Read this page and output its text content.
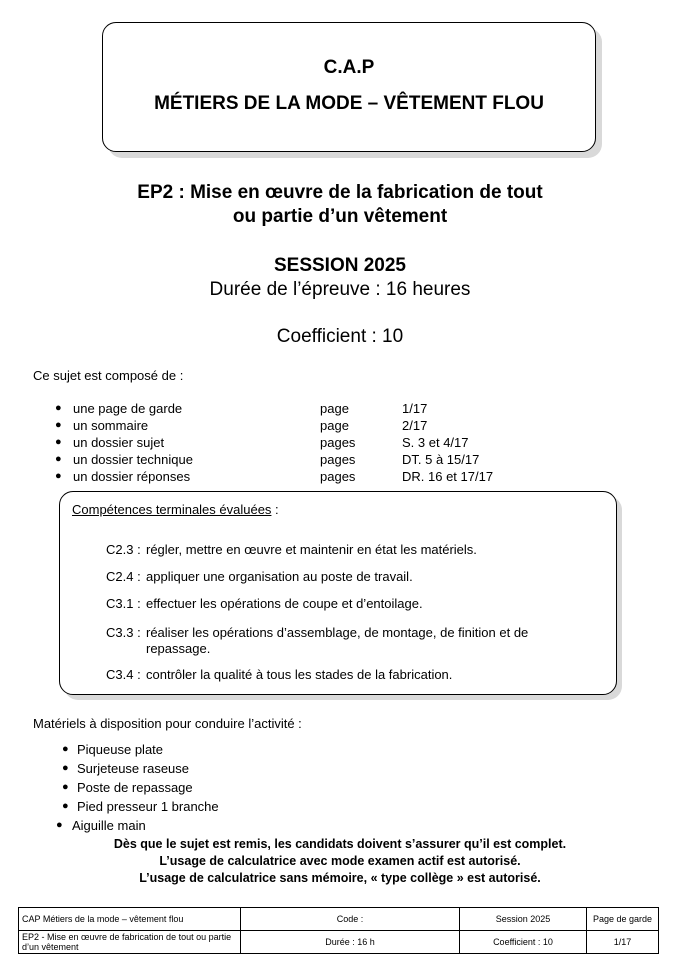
C.A.P
MÉTIERS DE LA MODE – VÊTEMENT FLOU
EP2 : Mise en œuvre de la fabrication de tout
ou partie d’un vêtement
SESSION 2025
Durée de l’épreuve : 16 heures
Coefficient : 10
Ce sujet est composé de :
● une page de garde	page	1/17
● un sommaire	page	2/17
● un dossier sujet	pages	S. 3 et 4/17
● un dossier technique	pages	DT. 5 à 15/17
● un dossier réponses	pages	DR. 16 et 17/17
Compétences terminales évaluées :
C2.3 : régler, mettre en œuvre et maintenir en état les matériels.
C2.4 : appliquer une organisation au poste de travail.
C3.1 : effectuer les opérations de coupe et d’entoilage.
C3.3 : réaliser les opérations d’assemblage, de montage, de finition et de repassage.
C3.4 : contrôler la qualité à tous les stades de la fabrication.
Matériels à disposition pour conduire l’activité :
● Piqueuse plate
● Surjeteuse raseuse
● Poste de repassage
● Pied presseur 1 branche
● Aiguille main
Dès que le sujet est remis, les candidats doivent s’assurer qu’il est complet.
L’usage de calculatrice avec mode examen actif est autorisé.
L’usage de calculatrice sans mémoire, « type collège » est autorisé.
CAP Métiers de la mode – vêtement flou	Code :	Session 2025	Page de garde
EP2 - Mise en œuvre de fabrication de tout ou partie d’un vêtement	Durée : 16 h	Coefficient : 10	1/17
